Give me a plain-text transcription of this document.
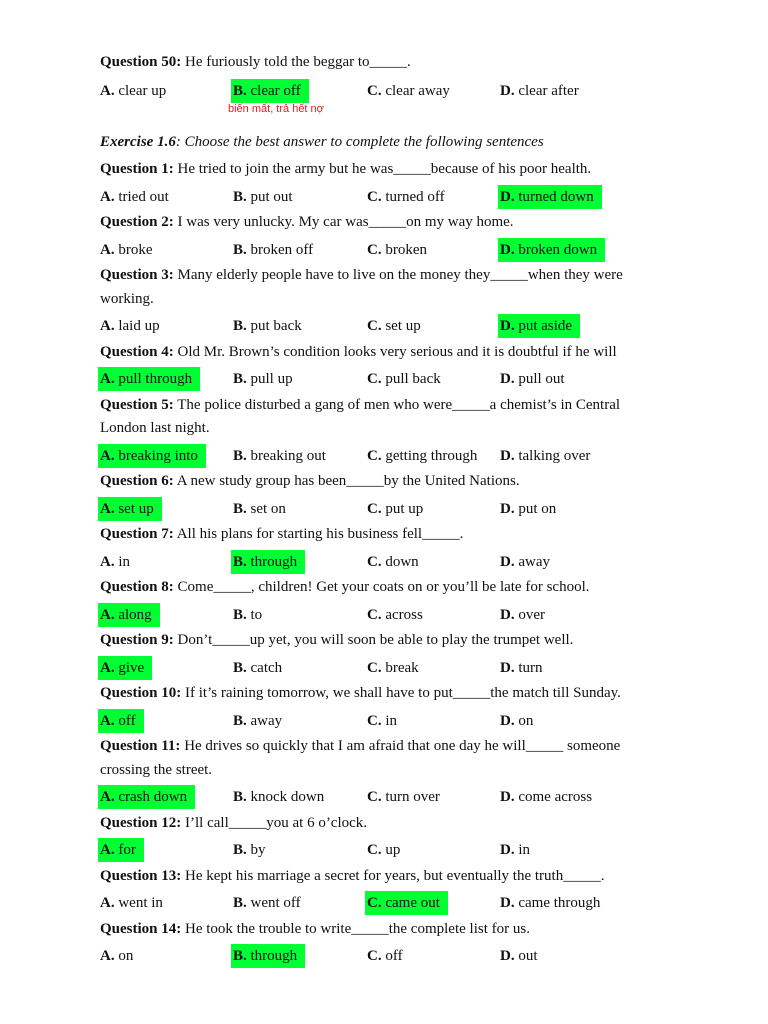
Question 50: He furiously told the beggar to_____.
A. clear up	B. clear off	C. clear away	D. clear after
biến mất, trả hết nợ
Exercise 1.6: Choose the best answer to complete the following sentences
Question 1: He tried to join the army but he was_____because of his poor health.
A. tried out	B. put out	C. turned off	D. turned down
Question 2: I was very unlucky. My car was_____on my way home.
A. broke	B. broken off	C. broken	D. broken down
Question 3: Many elderly people have to live on the money they_____when they were
working.
A. laid up	B. put back	C. set up	D. put aside
Question 4: Old Mr. Brown’s condition looks very serious and it is doubtful if he will
A. pull through	B. pull up	C. pull back	D. pull out
Question 5: The police disturbed a gang of men who were_____a chemist’s in Central
London last night.
A. breaking into	B. breaking out	C. getting through	D. talking over
Question 6: A new study group has been_____by the United Nations.
A. set up	B. set on	C. put up	D. put on
Question 7: All his plans for starting his business fell_____.
A. in	B. through	C. down	D. away
Question 8: Come_____, children! Get your coats on or you’ll be late for school.
A. along	B. to	C. across	D. over
Question 9: Don’t_____up yet, you will soon be able to play the trumpet well.
A. give	B. catch	C. break	D. turn
Question 10: If it’s raining tomorrow, we shall have to put_____the match till Sunday.
A. off	B. away	C. in	D. on
Question 11: He drives so quickly that I am afraid that one day he will_____ someone
crossing the street.
A. crash down	B. knock down	C. turn over	D. come across
Question 12: I’ll call_____you at 6 o’clock.
A. for	B. by	C. up	D. in
Question 13: He kept his marriage a secret for years, but eventually the truth_____.
A. went in	B. went off	C. came out	D. came through
Question 14: He took the trouble to write_____the complete list for us.
A. on	B. through	C. off	D. out
